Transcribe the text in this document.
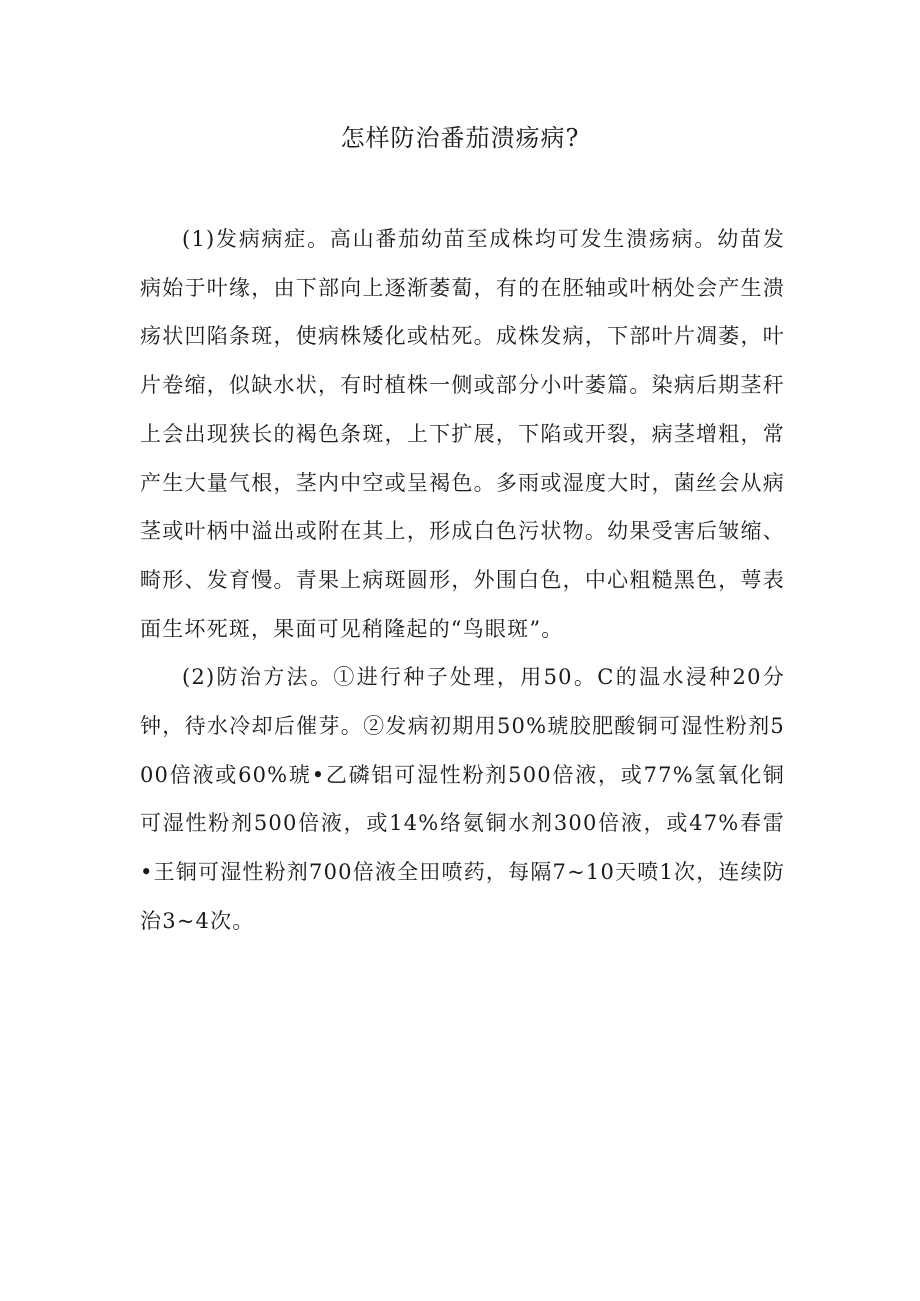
怎样防治番茄溃疡病?

(1)发病病症。高山番茄幼苗至成株均可发生溃疡病。幼苗发病始于叶缘，由下部向上逐渐萎蔔，有的在胚轴或叶柄处会产生溃疡状凹陷条斑，使病株矮化或枯死。成株发病，下部叶片凋萎，叶片卷缩，似缺水状，有时植株一侧或部分小叶萎篇。染病后期茎秆上会出现狭长的褐色条斑，上下扩展，下陷或开裂，病茎增粗，常产生大量气根，茎内中空或呈褐色。多雨或湿度大时，菌丝会从病茎或叶柄中溢出或附在其上，形成白色污状物。幼果受害后皱缩、畸形、发育慢。青果上病斑圆形，外围白色，中心粗糙黑色，萼表面生坏死斑，果面可见稍隆起的“鸟眼斑”。

(2)防治方法。①进行种子处理，用50。C的温水浸种20分钟，待水冷却后催芽。②发病初期用50%琥胶肥酸铜可湿性粉剂500倍液或60%琥•乙磷铝可湿性粉剂500倍液，或77%氢氧化铜可湿性粉剂500倍液，或14%络氨铜水剂300倍液，或47%春雷•王铜可湿性粉剂700倍液全田喷药，每隔7~10天喷1次，连续防治3~4次。
